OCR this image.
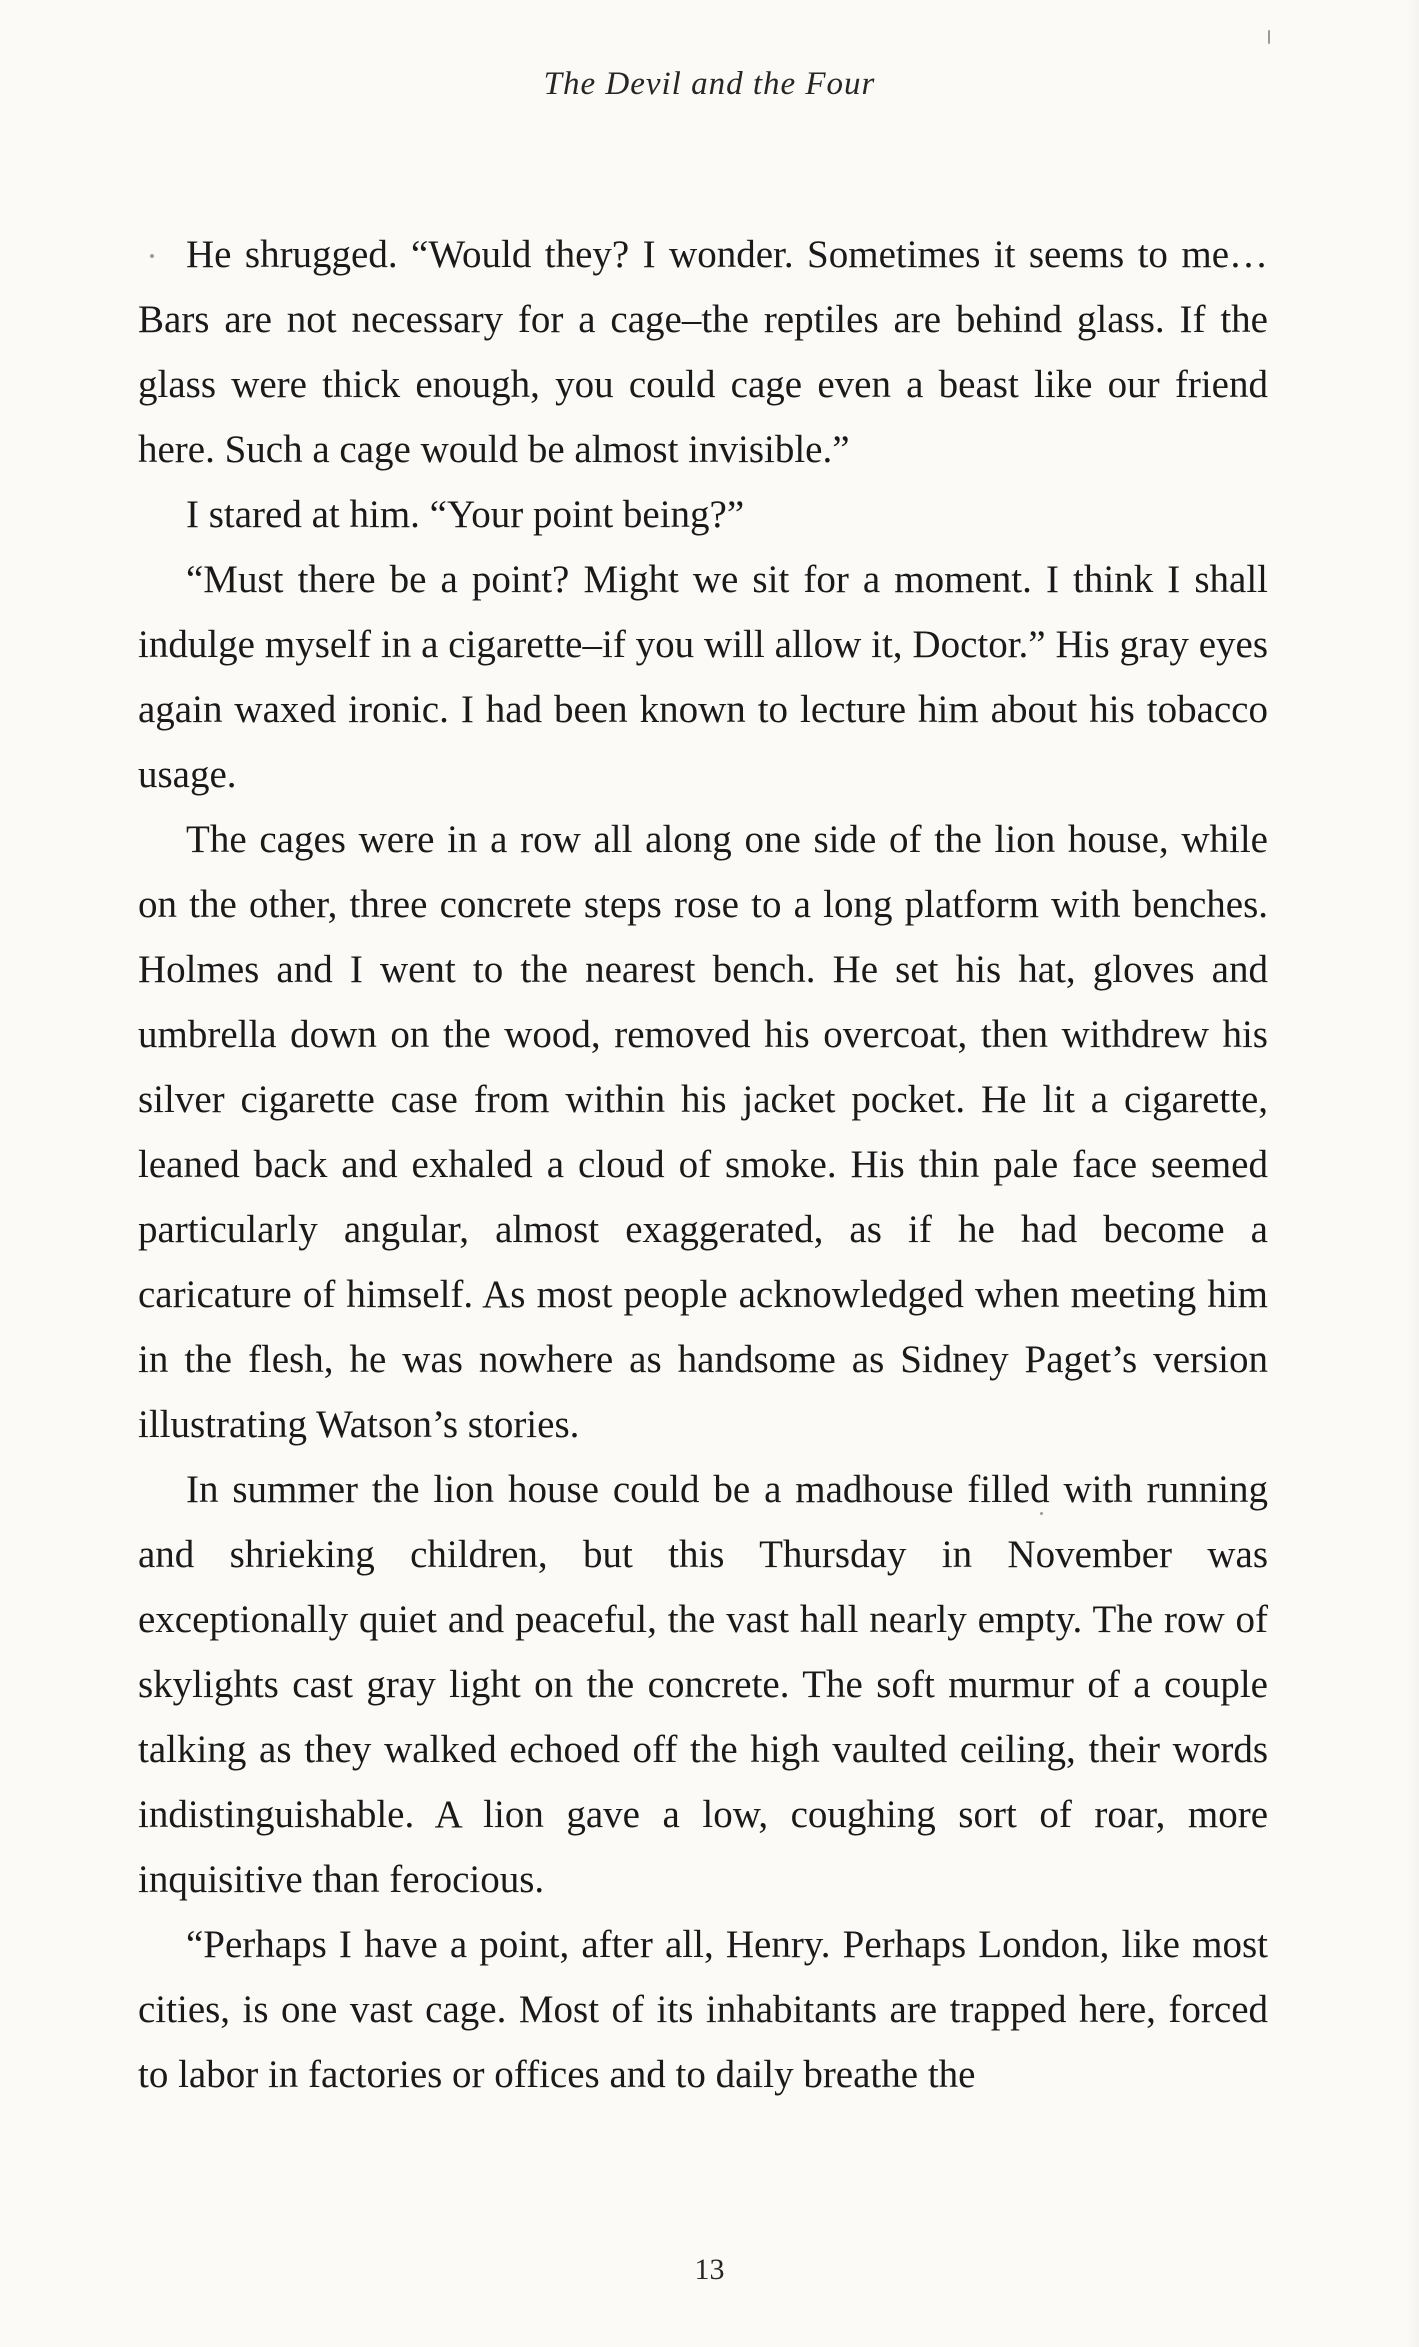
The Devil and the Four

He shrugged. “Would they? I wonder. Sometimes it seems to me… Bars are not necessary for a cage–the reptiles are behind glass. If the glass were thick enough, you could cage even a beast like our friend here. Such a cage would be almost invisible.”

I stared at him. “Your point being?”

“Must there be a point? Might we sit for a moment. I think I shall indulge myself in a cigarette–if you will allow it, Doctor.” His gray eyes again waxed ironic. I had been known to lecture him about his tobacco usage.

The cages were in a row all along one side of the lion house, while on the other, three concrete steps rose to a long platform with benches. Holmes and I went to the nearest bench. He set his hat, gloves and umbrella down on the wood, removed his overcoat, then withdrew his silver cigarette case from within his jacket pocket. He lit a cigarette, leaned back and exhaled a cloud of smoke. His thin pale face seemed particularly angular, almost exaggerated, as if he had become a caricature of himself. As most people acknowledged when meeting him in the flesh, he was nowhere as handsome as Sidney Paget’s version illustrating Watson’s stories.

In summer the lion house could be a madhouse filled with running and shrieking children, but this Thursday in November was exceptionally quiet and peaceful, the vast hall nearly empty. The row of skylights cast gray light on the concrete. The soft murmur of a couple talking as they walked echoed off the high vaulted ceiling, their words indistinguishable. A lion gave a low, coughing sort of roar, more inquisitive than ferocious.

“Perhaps I have a point, after all, Henry. Perhaps London, like most cities, is one vast cage. Most of its inhabitants are trapped here, forced to labor in factories or offices and to daily breathe the

13
